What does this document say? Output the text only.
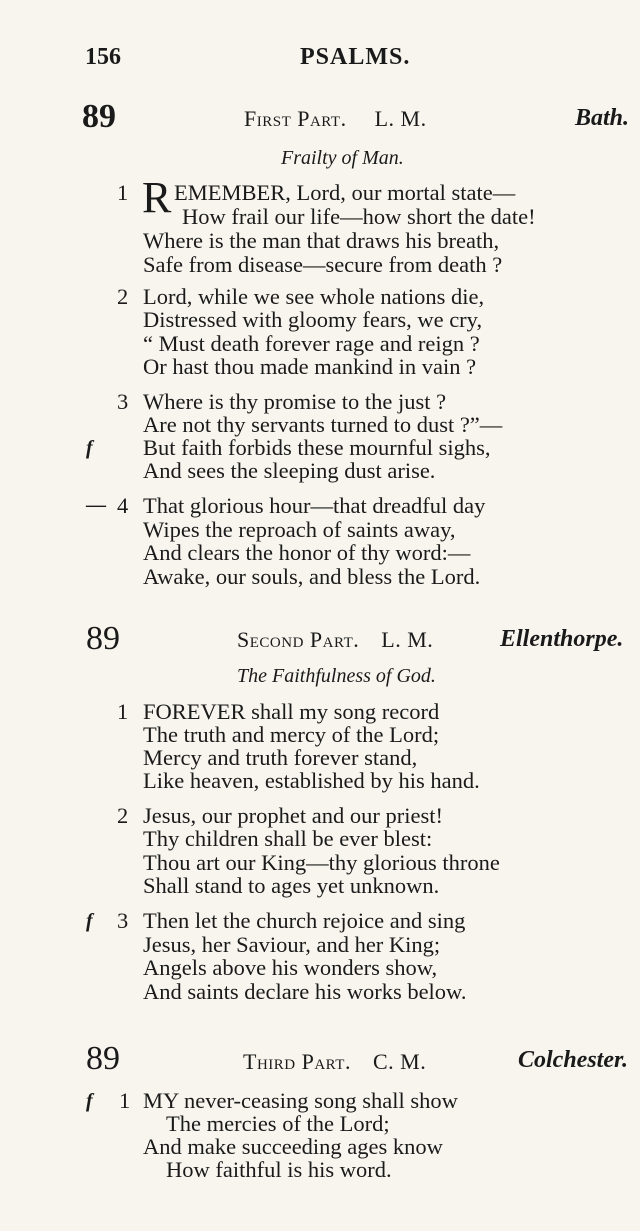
156	PSALMS.
89	First Part. L. M.	Bath.
Frailty of Man.
1 R EMEMBER, Lord, our mortal state—
How frail our life—how short the date!
Where is the man that draws his breath,
Safe from disease—secure from death ?
2 Lord, while we see whole nations die,
Distressed with gloomy fears, we cry,
“ Must death forever rage and reign ?
Or hast thou made mankind in vain ?
3 Where is thy promise to the just ?
Are not thy servants turned to dust ?”—
f But faith forbids these mournful sighs,
And sees the sleeping dust arise.
— 4 That glorious hour—that dreadful day
Wipes the reproach of saints away,
And clears the honor of thy word:—
Awake, our souls, and bless the Lord.
89	Second Part. L. M.	Ellenthorpe.
The Faithfulness of God.
1 FOREVER shall my song record
The truth and mercy of the Lord;
Mercy and truth forever stand,
Like heaven, established by his hand.
2 Jesus, our prophet and our priest!
Thy children shall be ever blest:
Thou art our King—thy glorious throne
Shall stand to ages yet unknown.
f 3 Then let the church rejoice and sing
Jesus, her Saviour, and her King;
Angels above his wonders show,
And saints declare his works below.
89	Third Part. C. M.	Colchester.
f 1 MY never-ceasing song shall show
The mercies of the Lord;
And make succeeding ages know
How faithful is his word.
